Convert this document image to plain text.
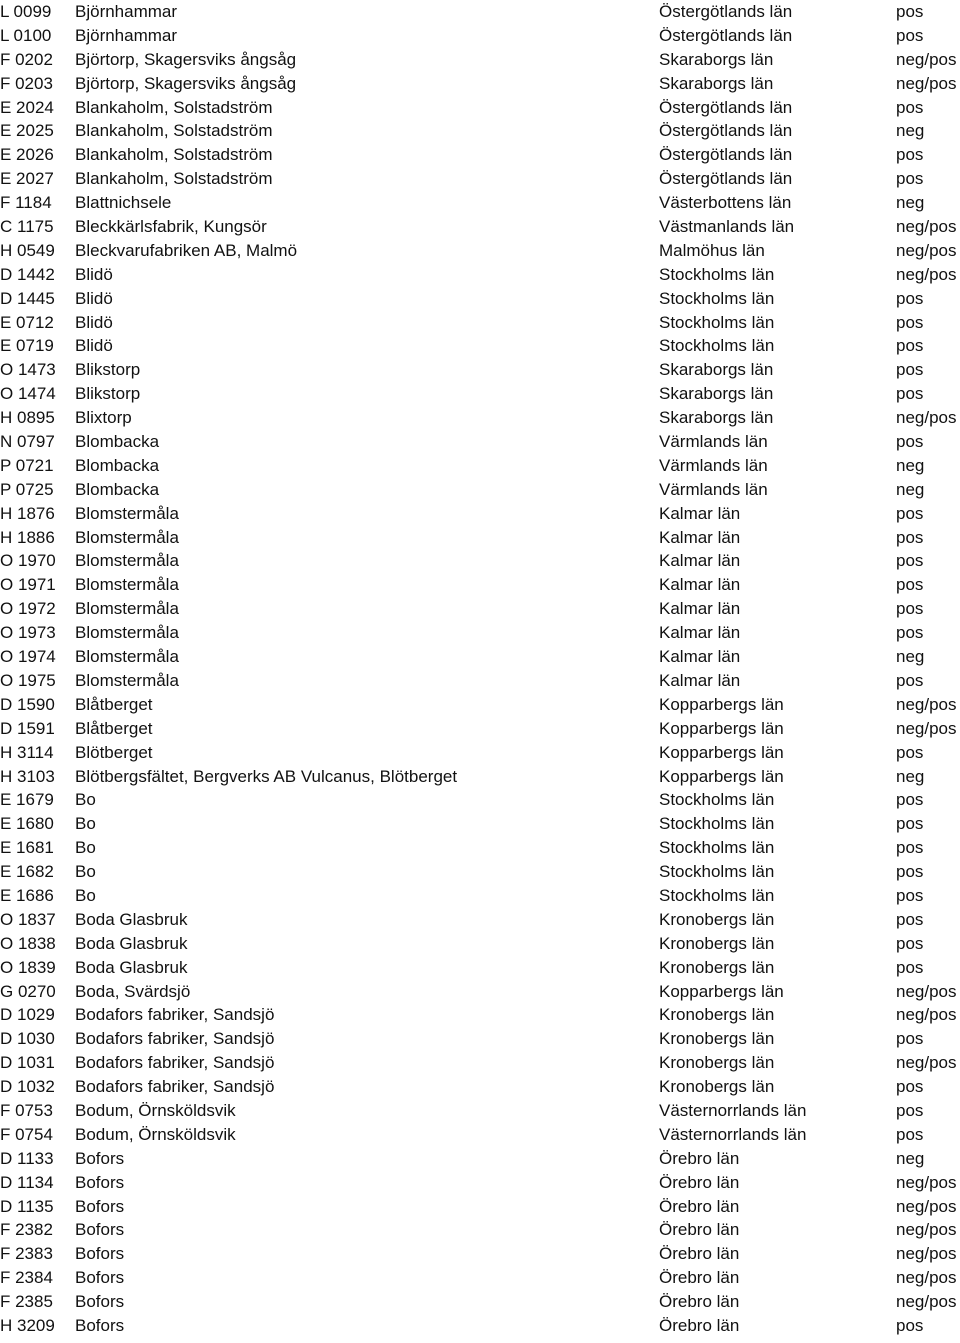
L 0099 Björnhammar	Östergötlands län	pos
L 0100 Björnhammar	Östergötlands län	pos
F 0202 Björtorp, Skagersviks ångsåg	Skaraborgs län	neg/pos
F 0203 Björtorp, Skagersviks ångsåg	Skaraborgs län	neg/pos
E 2024 Blankaholm, Solstadström	Östergötlands län	pos
E 2025 Blankaholm, Solstadström	Östergötlands län	neg
E 2026 Blankaholm, Solstadström	Östergötlands län	pos
E 2027 Blankaholm, Solstadström	Östergötlands län	pos
F 1184 Blattnichsele	Västerbottens län	neg
C 1175 Bleckkärlsfabrik, Kungsör	Västmanlands län	neg/pos
H 0549 Bleckvarufabriken AB, Malmö	Malmöhus län	neg/pos
D 1442 Blidö	Stockholms län	neg/pos
D 1445 Blidö	Stockholms län	pos
E 0712 Blidö	Stockholms län	pos
E 0719 Blidö	Stockholms län	pos
O 1473 Blikstorp	Skaraborgs län	pos
O 1474 Blikstorp	Skaraborgs län	pos
H 0895 Blixtorp	Skaraborgs län	neg/pos
N 0797 Blombacka	Värmlands län	pos
P 0721 Blombacka	Värmlands län	neg
P 0725 Blombacka	Värmlands län	neg
H 1876 Blomstermåla	Kalmar län	pos
H 1886 Blomstermåla	Kalmar län	pos
O 1970 Blomstermåla	Kalmar län	pos
O 1971 Blomstermåla	Kalmar län	pos
O 1972 Blomstermåla	Kalmar län	pos
O 1973 Blomstermåla	Kalmar län	pos
O 1974 Blomstermåla	Kalmar län	neg
O 1975 Blomstermåla	Kalmar län	pos
D 1590 Blåtberget	Kopparbergs län	neg/pos
D 1591 Blåtberget	Kopparbergs län	neg/pos
H 3114 Blötberget	Kopparbergs län	pos
H 3103 Blötbergsfältet, Bergverks AB Vulcanus, Blötberget	Kopparbergs län	neg
E 1679 Bo	Stockholms län	pos
E 1680 Bo	Stockholms län	pos
E 1681 Bo	Stockholms län	pos
E 1682 Bo	Stockholms län	pos
E 1686 Bo	Stockholms län	pos
O 1837 Boda Glasbruk	Kronobergs län	pos
O 1838 Boda Glasbruk	Kronobergs län	pos
O 1839 Boda Glasbruk	Kronobergs län	pos
G 0270 Boda, Svärdsjö	Kopparbergs län	neg/pos
D 1029 Bodafors fabriker, Sandsjö	Kronobergs län	neg/pos
D 1030 Bodafors fabriker, Sandsjö	Kronobergs län	pos
D 1031 Bodafors fabriker, Sandsjö	Kronobergs län	neg/pos
D 1032 Bodafors fabriker, Sandsjö	Kronobergs län	pos
F 0753 Bodum, Örnsköldsvik	Västernorrlands län	pos
F 0754 Bodum, Örnsköldsvik	Västernorrlands län	pos
D 1133 Bofors	Örebro län	neg
D 1134 Bofors	Örebro län	neg/pos
D 1135 Bofors	Örebro län	neg/pos
F 2382 Bofors	Örebro län	neg/pos
F 2383 Bofors	Örebro län	neg/pos
F 2384 Bofors	Örebro län	neg/pos
F 2385 Bofors	Örebro län	neg/pos
H 3209 Bofors	Örebro län	pos
